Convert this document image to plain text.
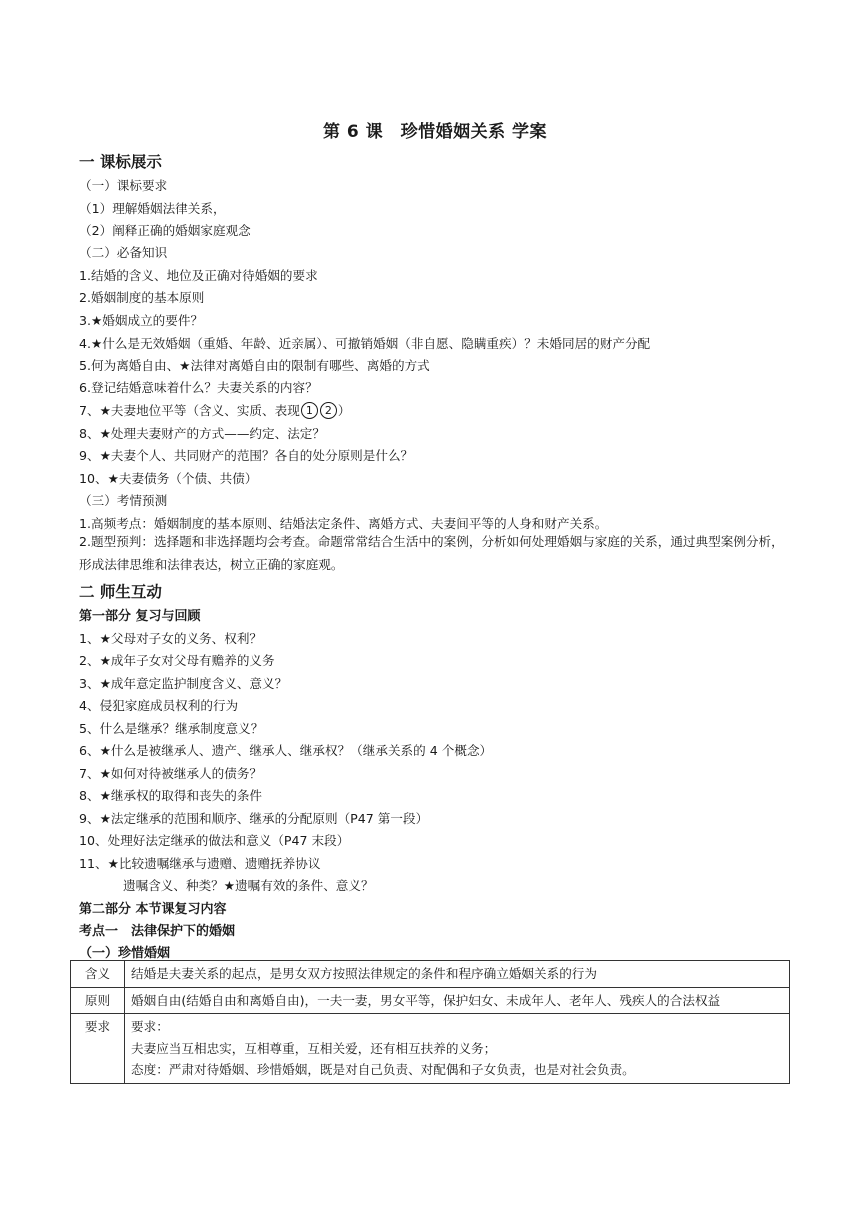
第 6 课　珍惜婚姻关系 学案
一 课标展示
（一）课标要求
（1）理解婚姻法律关系，
（2）阐释正确的婚姻家庭观念
（二）必备知识
1.结婚的含义、地位及正确对待婚姻的要求
2.婚姻制度的基本原则
3.★婚姻成立的要件？
4.★什么是无效婚姻（重婚、年龄、近亲属）、可撤销婚姻（非自愿、隐瞒重疾）？未婚同居的财产分配
5.何为离婚自由、★法律对离婚自由的限制有哪些、离婚的方式
6.登记结婚意味着什么？夫妻关系的内容？
7、★夫妻地位平等（含义、实质、表现 1 2 ）
8、★处理夫妻财产的方式——约定、法定？
9、★夫妻个人、共同财产的范围？各自的处分原则是什么？
10、★夫妻债务（个债、共债）
（三）考情预测
1.高频考点：婚姻制度的基本原则、结婚法定条件、离婚方式、夫妻间平等的人身和财产关系。
2.题型预判：选择题和非选择题均会考查。命题常常结合生活中的案例，分析如何处理婚姻与家庭的关系，通过典型案例分析，形成法律思维和法律表达，树立正确的家庭观。
二 师生互动
第一部分 复习与回顾
1、★父母对子女的义务、权利？
2、★成年子女对父母有赡养的义务
3、★成年意定监护制度含义、意义？
4、侵犯家庭成员权利的行为
5、什么是继承？继承制度意义？
6、★什么是被继承人、遗产、继承人、继承权？（继承关系的 4 个概念）
7、★如何对待被继承人的债务？
8、★继承权的取得和丧失的条件
9、★法定继承的范围和顺序、继承的分配原则（P47 第一段）
10、处理好法定继承的做法和意义（P47 末段）
11、★比较遗嘱继承与遗赠、遗赠抚养协议
遗嘱含义、种类？★遗嘱有效的条件、意义？
第二部分 本节课复习内容
考点一　法律保护下的婚姻
（一）珍惜婚姻
含义	结婚是夫妻关系的起点，是男女双方按照法律规定的条件和程序确立婚姻关系的行为
原则	婚姻自由(结婚自由和离婚自由)，一夫一妻，男女平等，保护妇女、未成年人、老年人、残疾人的合法权益
要求	要求：
夫妻应当互相忠实，互相尊重，互相关爱，还有相互扶养的义务；
态度：严肃对待婚姻、珍惜婚姻，既是对自己负责、对配偶和子女负责，也是对社会负责。
